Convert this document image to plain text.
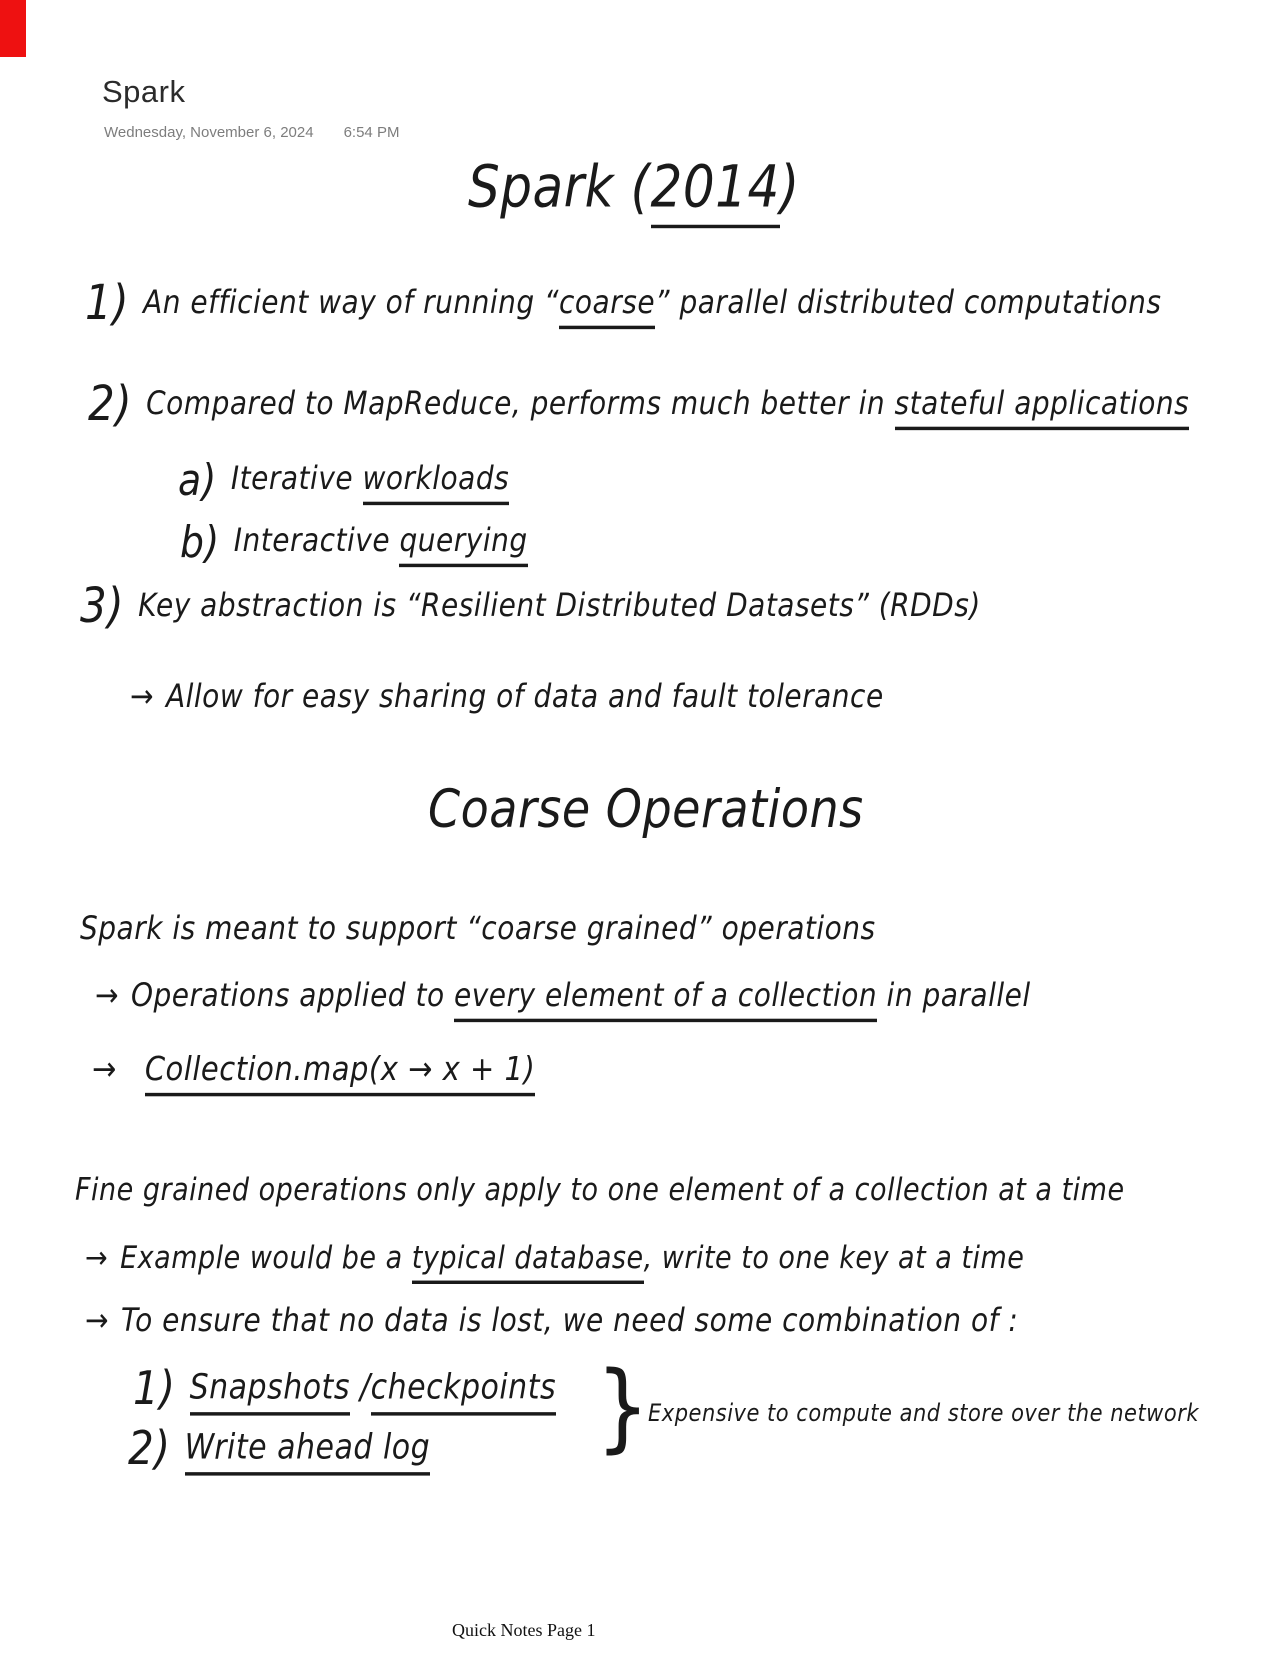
Spark
Wednesday, November 6, 2024 6:54 PM
Spark (2014)
1) An efficient way of running “coarse” parallel distributed computations
2) Compared to MapReduce, performs much better in stateful applications
a) Iterative workloads
b) Interactive querying
3) Key abstraction is “Resilient Distributed Datasets” (RDDs)
→ Allow for easy sharing of data and fault tolerance
Coarse Operations
Spark is meant to support “coarse grained” operations
→ Operations applied to every element of a collection in parallel
→ Collection.map(x → x + 1)
Fine grained operations only apply to one element of a collection at a time
→ Example would be a typical database, write to one key at a time
→ To ensure that no data is lost, we need some combination of :
1) Snapshots /checkpoints
2) Write ahead log }
Expensive to compute and store over the network
Quick Notes Page 1
